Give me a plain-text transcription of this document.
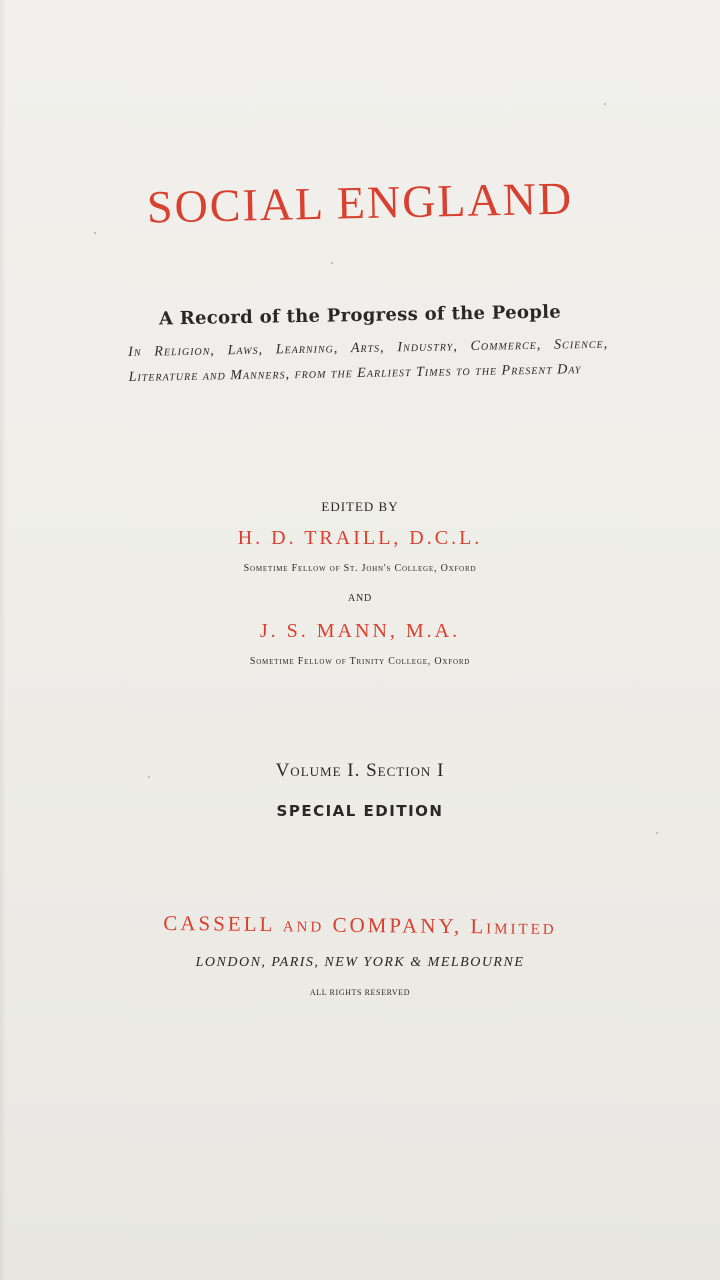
SOCIAL ENGLAND
A Record of the Progress of the People
In Religion, Laws, Learning, Arts, Industry, Commerce, Science, Literature and Manners, from the Earliest Times to the Present Day
EDITED BY
H. D. TRAILL, D.C.L.
Sometime Fellow of St. John's College, Oxford
AND
J. S. MANN, M.A.
Sometime Fellow of Trinity College, Oxford
Volume I. Section I
SPECIAL EDITION
CASSELL and COMPANY, Limited
LONDON, PARIS, NEW YORK & MELBOURNE
ALL RIGHTS RESERVED
